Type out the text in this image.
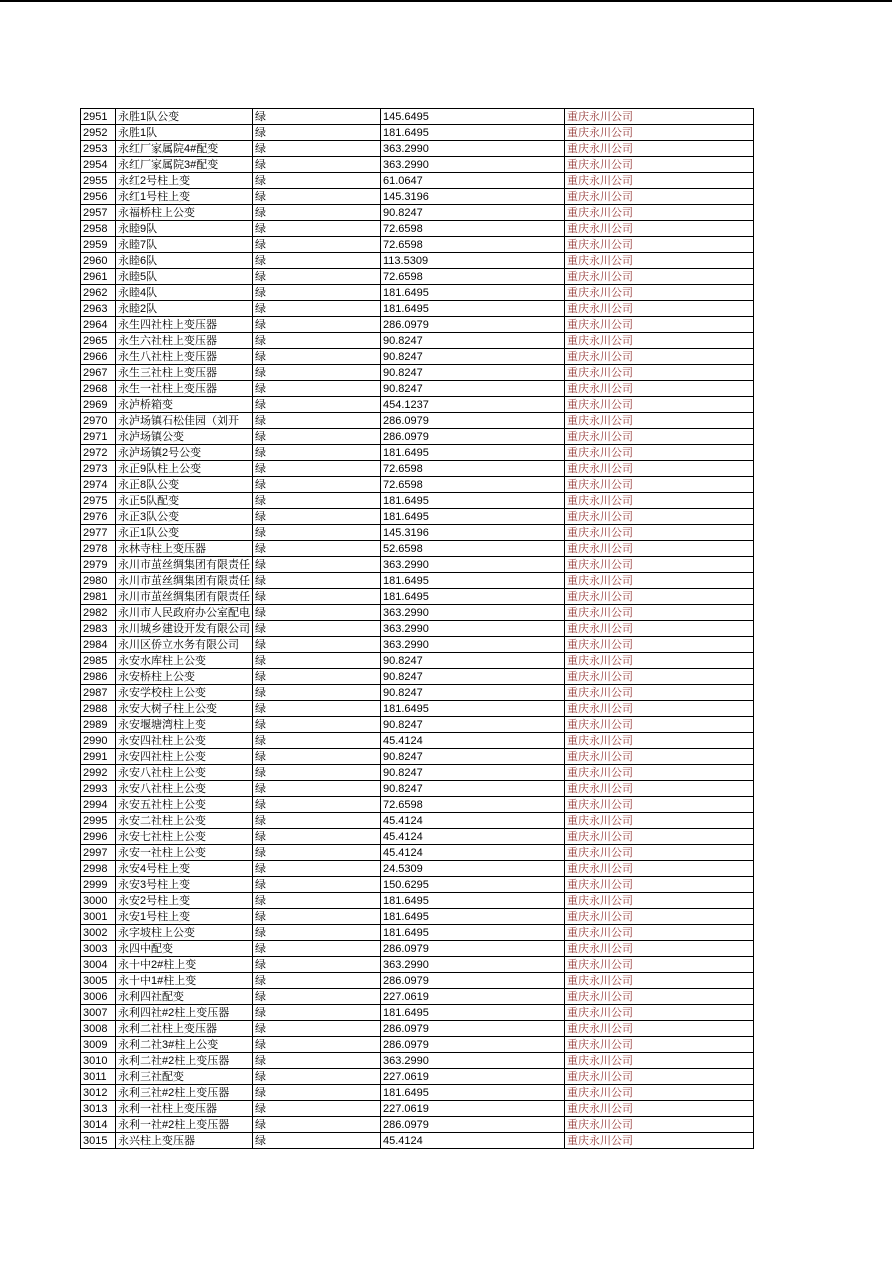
2951	永胜1队公变	绿	145.6495	重庆永川公司
2952	永胜1队	绿	181.6495	重庆永川公司
2953	永红厂家属院4#配变	绿	363.2990	重庆永川公司
2954	永红厂家属院3#配变	绿	363.2990	重庆永川公司
2955	永红2号柱上变	绿	61.0647	重庆永川公司
2956	永红1号柱上变	绿	145.3196	重庆永川公司
2957	永福桥柱上公变	绿	90.8247	重庆永川公司
2958	永睦9队	绿	72.6598	重庆永川公司
2959	永睦7队	绿	72.6598	重庆永川公司
2960	永睦6队	绿	113.5309	重庆永川公司
2961	永睦5队	绿	72.6598	重庆永川公司
2962	永睦4队	绿	181.6495	重庆永川公司
2963	永睦2队	绿	181.6495	重庆永川公司
2964	永生四社柱上变压器	绿	286.0979	重庆永川公司
2965	永生六社柱上变压器	绿	90.8247	重庆永川公司
2966	永生八社柱上变压器	绿	90.8247	重庆永川公司
2967	永生三社柱上变压器	绿	90.8247	重庆永川公司
2968	永生一社柱上变压器	绿	90.8247	重庆永川公司
2969	永泸桥箱变	绿	454.1237	重庆永川公司
2970	永泸场镇石松佳园（刘开	绿	286.0979	重庆永川公司
2971	永泸场镇公变	绿	286.0979	重庆永川公司
2972	永泸场镇2号公变	绿	181.6495	重庆永川公司
2973	永正9队柱上公变	绿	72.6598	重庆永川公司
2974	永正8队公变	绿	72.6598	重庆永川公司
2975	永正5队配变	绿	181.6495	重庆永川公司
2976	永正3队公变	绿	181.6495	重庆永川公司
2977	永正1队公变	绿	145.3196	重庆永川公司
2978	永林寺柱上变压器	绿	52.6598	重庆永川公司
2979	永川市茧丝绸集团有限责任	绿	363.2990	重庆永川公司
2980	永川市茧丝绸集团有限责任	绿	181.6495	重庆永川公司
2981	永川市茧丝绸集团有限责任	绿	181.6495	重庆永川公司
2982	永川市人民政府办公室配电	绿	363.2990	重庆永川公司
2983	永川城乡建设开发有限公司	绿	363.2990	重庆永川公司
2984	永川区侨立水务有限公司	绿	363.2990	重庆永川公司
2985	永安水库柱上公变	绿	90.8247	重庆永川公司
2986	永安桥柱上公变	绿	90.8247	重庆永川公司
2987	永安学校柱上公变	绿	90.8247	重庆永川公司
2988	永安大树子柱上公变	绿	181.6495	重庆永川公司
2989	永安堰塘湾柱上变	绿	90.8247	重庆永川公司
2990	永安四社柱上公变	绿	45.4124	重庆永川公司
2991	永安四社柱上公变	绿	90.8247	重庆永川公司
2992	永安八社柱上公变	绿	90.8247	重庆永川公司
2993	永安八社柱上公变	绿	90.8247	重庆永川公司
2994	永安五社柱上公变	绿	72.6598	重庆永川公司
2995	永安二社柱上公变	绿	45.4124	重庆永川公司
2996	永安七社柱上公变	绿	45.4124	重庆永川公司
2997	永安一社柱上公变	绿	45.4124	重庆永川公司
2998	永安4号柱上变	绿	24.5309	重庆永川公司
2999	永安3号柱上变	绿	150.6295	重庆永川公司
3000	永安2号柱上变	绿	181.6495	重庆永川公司
3001	永安1号柱上变	绿	181.6495	重庆永川公司
3002	永字坡柱上公变	绿	181.6495	重庆永川公司
3003	永四中配变	绿	286.0979	重庆永川公司
3004	永十中2#柱上变	绿	363.2990	重庆永川公司
3005	永十中1#柱上变	绿	286.0979	重庆永川公司
3006	永利四社配变	绿	227.0619	重庆永川公司
3007	永利四社#2柱上变压器	绿	181.6495	重庆永川公司
3008	永利二社柱上变压器	绿	286.0979	重庆永川公司
3009	永利二社3#柱上公变	绿	286.0979	重庆永川公司
3010	永利二社#2柱上变压器	绿	363.2990	重庆永川公司
3011	永利三社配变	绿	227.0619	重庆永川公司
3012	永利三社#2柱上变压器	绿	181.6495	重庆永川公司
3013	永利一社柱上变压器	绿	227.0619	重庆永川公司
3014	永利一社#2柱上变压器	绿	286.0979	重庆永川公司
3015	永兴柱上变压器	绿	45.4124	重庆永川公司
